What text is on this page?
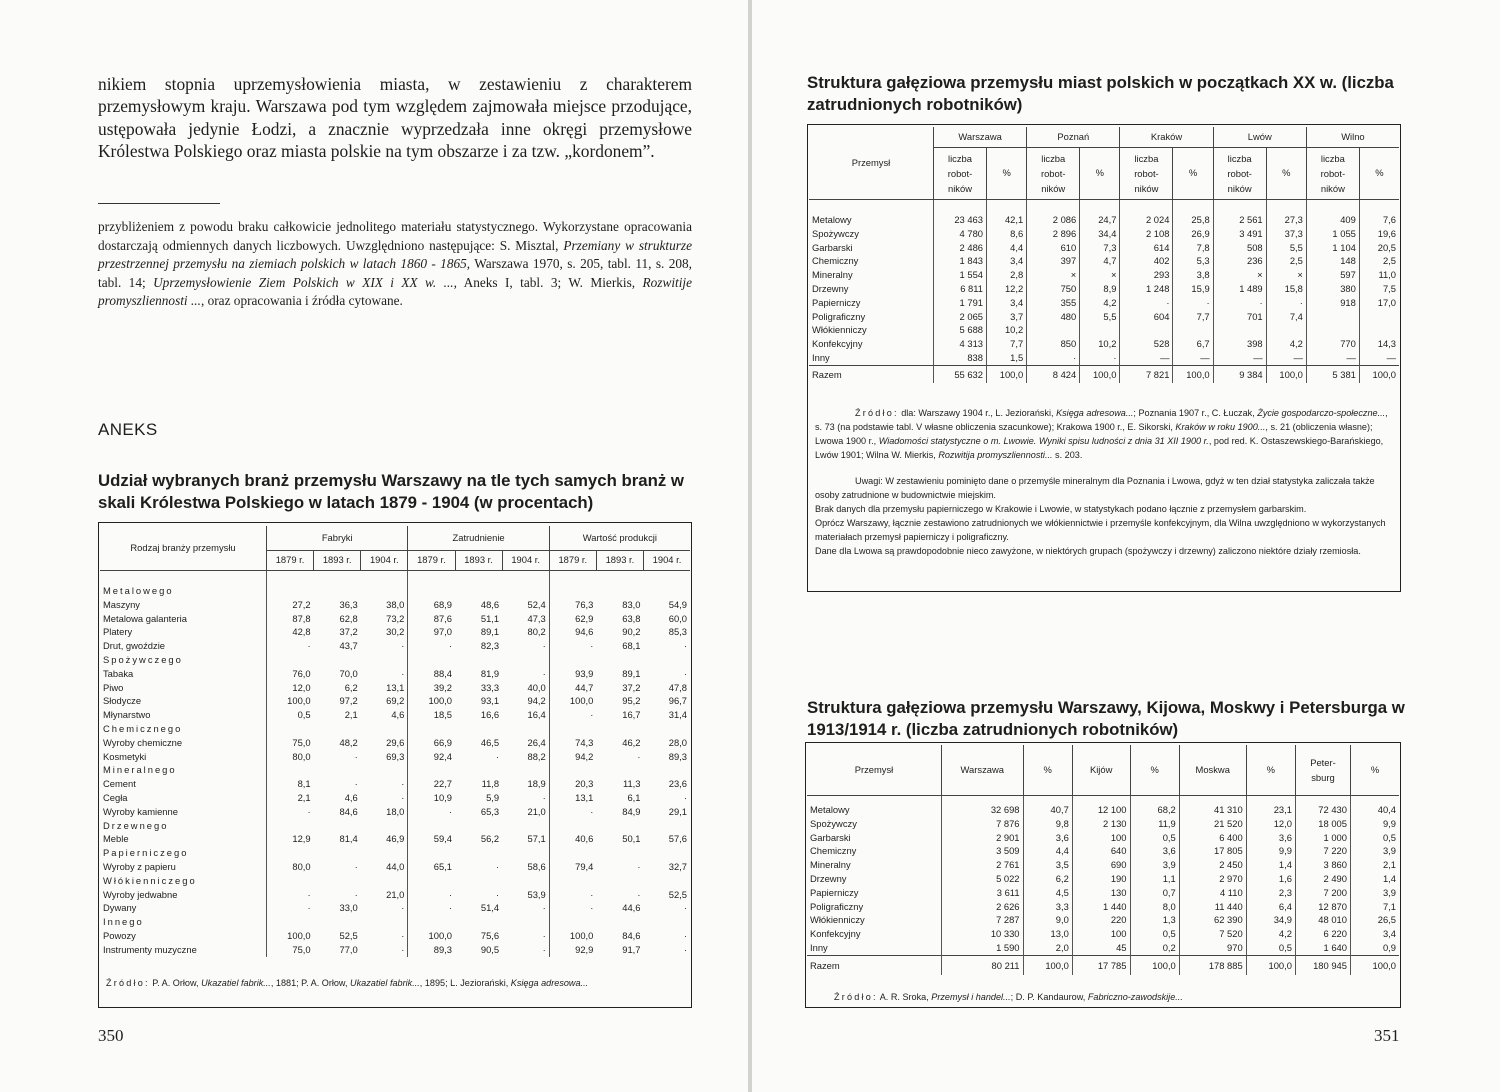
nikiem stopnia uprzemysłowienia miasta, w zestawieniu z charakterem przemysłowym kraju. Warszawa pod tym względem zajmowała miejsce przodujące, ustępowała jedynie Łodzi, a znacznie wyprzedzała inne okręgi przemysłowe Królestwa Polskiego oraz miasta polskie na tym obszarze i za tzw. „kordonem”.
przybliżeniem z powodu braku całkowicie jednolitego materiału statystycznego. Wykorzystane opracowania dostarczają odmiennych danych liczbowych. Uwzględniono następujące: S. Misztal, Przemiany w strukturze przestrzennej przemysłu na ziemiach polskich w latach 1860 - 1865, Warszawa 1970, s. 205, tabl. 11, s. 208, tabl. 14; Uprzemysłowienie Ziem Polskich w XIX i XX w. ..., Aneks I, tabl. 3; W. Mierkis, Rozwitije promyszliennosti ..., oraz opracowania i źródła cytowane.
ANEKS
Udział wybranych branż przemysłu Warszawy na tle tych samych branż w skali Królestwa Polskiego w latach 1879 - 1904 (w procentach)
Rodzaj branży przemysłu	Fabryki			Zatrudnienie			Wartość produkcji		
	1879 r.	1893 r.	1904 r.	1879 r.	1893 r.	1904 r.	1879 r.	1893 r.	1904 r.

Metalowego									
Maszyny	27,2	36,3	38,0	68,9	48,6	52,4	76,3	83,0	54,9
Metalowa galanteria	87,8	62,8	73,2	87,6	51,1	47,3	62,9	63,8	60,0
Platery	42,8	37,2	30,2	97,0	89,1	80,2	94,6	90,2	85,3
Drut, gwoździe	·	43,7	·	·	82,3	·	·	68,1	·
Spożywczego									
Tabaka	76,0	70,0	·	88,4	81,9	·	93,9	89,1	·
Piwo	12,0	6,2	13,1	39,2	33,3	40,0	44,7	37,2	47,8
Słodycze	100,0	97,2	69,2	100,0	93,1	94,2	100,0	95,2	96,7
Młynarstwo	0,5	2,1	4,6	18,5	16,6	16,4	·	16,7	31,4
Chemicznego									
Wyroby chemiczne	75,0	48,2	29,6	66,9	46,5	26,4	74,3	46,2	28,0
Kosmetyki	80,0	·	69,3	92,4	·	88,2	94,2	·	89,3
Mineralnego									
Cement	8,1	·	·	22,7	11,8	18,9	20,3	11,3	23,6
Cegła	2,1	4,6	·	10,9	5,9	·	13,1	6,1	·
Wyroby kamienne	·	84,6	18,0	·	65,3	21,0	·	84,9	29,1
Drzewnego									
Meble	12,9	81,4	46,9	59,4	56,2	57,1	40,6	50,1	57,6
Papierniczego									
Wyroby z papieru	80,0	·	44,0	65,1	·	58,6	79,4	·	32,7
Włókienniczego									
Wyroby jedwabne	·	·	21,0	·	·	53,9	·	·	52,5
Dywany	·	33,0	·	·	51,4	·	·	44,6	·
Innego									
Powozy	100,0	52,5	·	100,0	75,6	·	100,0	84,6	·
Instrumenty muzyczne	75,0	77,0	·	89,3	90,5	·	92,9	91,7	·
Źródło: P. A. Orłow, Ukazatiel fabrik..., 1881; P. A. Orłow, Ukazatiel fabrik..., 1895; L. Jeziorański, Księga adresowa...
350
Struktura gałęziowa przemysłu miast polskich w początkach XX w. (liczba zatrudnionych robotników)
Przemysł	Warszawa		Poznań		Kraków		Lwów		Wilno	
	liczba robot- ników	%	liczba robot- ników	%	liczba robot- ników	%	liczba robot- ników	%	liczba robot- ników	%

Metalowy	23 463	42,1	2 086	24,7	2 024	25,8	2 561	27,3	409	7,6
Spożywczy	4 780	8,6	2 896	34,4	2 108	26,9	3 491	37,3	1 055	19,6
Garbarski	2 486	4,4	610	7,3	614	7,8	508	5,5	1 104	20,5
Chemiczny	1 843	3,4	397	4,7	402	5,3	236	2,5	148	2,5
Mineralny	1 554	2,8	×	×	293	3,8	×	×	597	11,0
Drzewny	6 811	12,2	750	8,9	1 248	15,9	1 489	15,8	380	7,5
Papierniczy	1 791	3,4	355	4,2	·	·	·	·	918	17,0
Poligraficzny	2 065	3,7	480	5,5	604	7,7	701	7,4		
Włókienniczy	5 688	10,2								
Konfekcyjny	4 313	7,7	850	10,2	528	6,7	398	4,2	770	14,3
Inny	838	1,5	·	·	—	—	—	—	—	—
Razem	55 632	100,0	8 424	100,0	7 821	100,0	9 384	100,0	5 381	100,0
Źródło: dla: Warszawy 1904 r., L. Jeziorański, Księga adresowa...; Poznania 1907 r., C. Łuczak, Życie gospodarczo-społeczne..., s. 73 (na podstawie tabl. V własne obliczenia szacunkowe); Krakowa 1900 r., E. Sikorski, Kraków w roku 1900..., s. 21 (obliczenia własne); Lwowa 1900 r., Wiadomości statystyczne o m. Lwowie. Wyniki spisu ludności z dnia 31 XII 1900 r., pod red. K. Ostaszewskiego-Barańskiego, Lwów 1901; Wilna W. Mierkis, Rozwitija promyszliennosti... s. 203.
Uwagi: W zestawieniu pominięto dane o przemyśle mineralnym dla Poznania i Lwowa, gdyż w ten dział statystyka zaliczała także osoby zatrudnione w budownictwie miejskim.
Brak danych dla przemysłu papierniczego w Krakowie i Lwowie, w statystykach podano łącznie z przemysłem garbarskim.
Oprócz Warszawy, łącznie zestawiono zatrudnionych we włókiennictwie i przemyśle konfekcyjnym, dla Wilna uwzględniono w wykorzystanych materiałach przemysł papierniczy i poligraficzny.
Dane dla Lwowa są prawdopodobnie nieco zawyżone, w niektórych grupach (spożywczy i drzewny) zaliczono niektóre działy rzemiosła.
Struktura gałęziowa przemysłu Warszawy, Kijowa, Moskwy i Petersburga w 1913/1914 r. (liczba zatrudnionych robotników)
Przemysł	Warszawa	%	Kijów	%	Moskwa	%	Peter- sburg	%

Metalowy	32 698	40,7	12 100	68,2	41 310	23,1	72 430	40,4
Spożywczy	7 876	9,8	2 130	11,9	21 520	12,0	18 005	9,9
Garbarski	2 901	3,6	100	0,5	6 400	3,6	1 000	0,5
Chemiczny	3 509	4,4	640	3,6	17 805	9,9	7 220	3,9
Mineralny	2 761	3,5	690	3,9	2 450	1,4	3 860	2,1
Drzewny	5 022	6,2	190	1,1	2 970	1,6	2 490	1,4
Papierniczy	3 611	4,5	130	0,7	4 110	2,3	7 200	3,9
Poligraficzny	2 626	3,3	1 440	8,0	11 440	6,4	12 870	7,1
Włókienniczy	7 287	9,0	220	1,3	62 390	34,9	48 010	26,5
Konfekcyjny	10 330	13,0	100	0,5	7 520	4,2	6 220	3,4
Inny	1 590	2,0	45	0,2	970	0,5	1 640	0,9
Razem	80 211	100,0	17 785	100,0	178 885	100,0	180 945	100,0
Źródło: A. R. Sroka, Przemysł i handel...; D. P. Kandaurow, Fabriczno-zawodskije...
351
